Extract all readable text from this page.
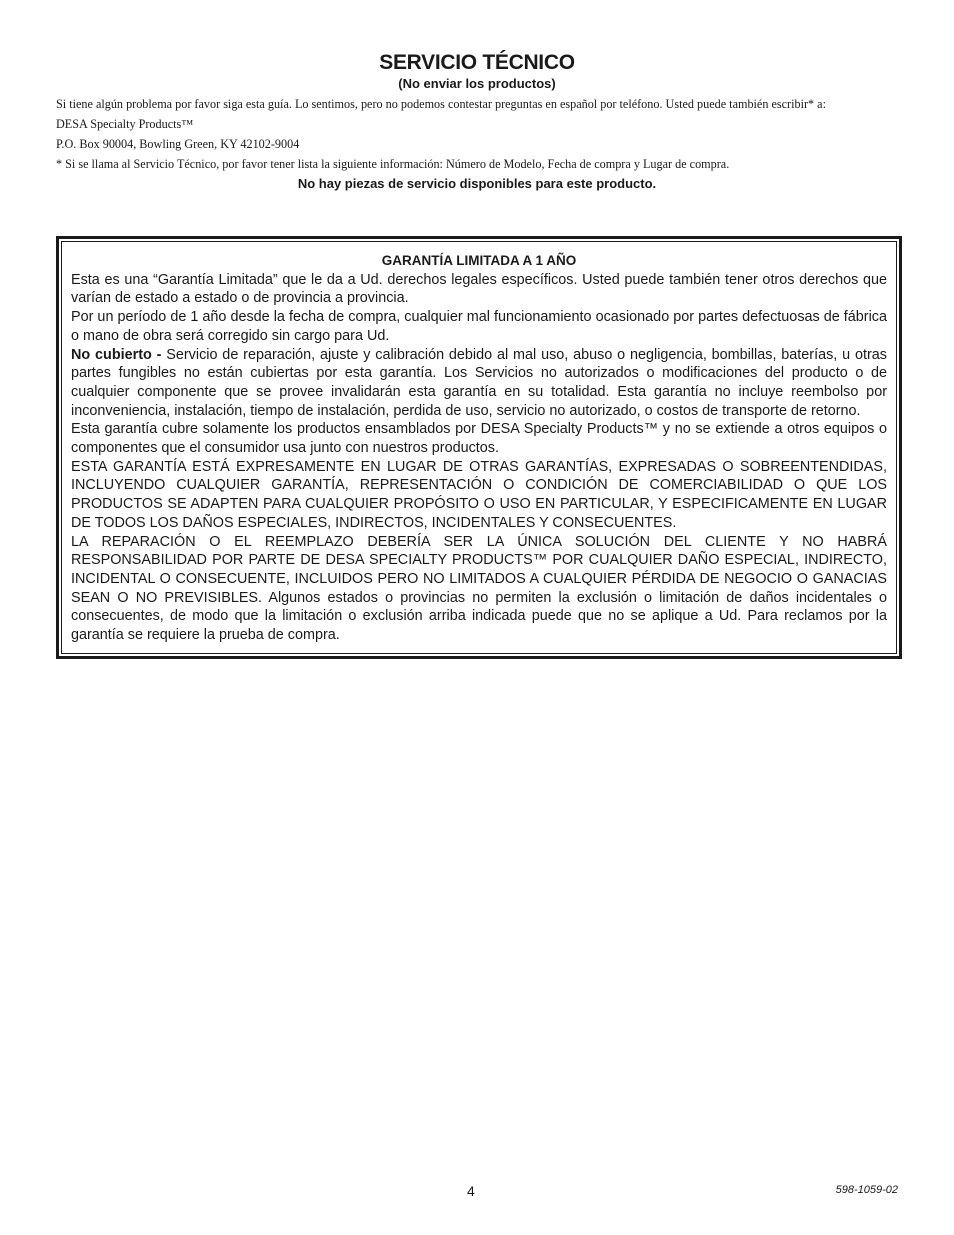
SERVICIO TÉCNICO
(No enviar los productos)

Si tiene algún problema por favor siga esta guía. Lo sentimos, pero no podemos contestar preguntas en español por teléfono. Usted puede también escribir* a:

DESA Specialty Products™

P.O. Box 90004, Bowling Green, KY 42102-9004

* Si se llama al Servicio Técnico, por favor tener lista la siguiente información: Número de Modelo, Fecha de compra y Lugar de compra.

No hay piezas de servicio disponibles para este producto.

GARANTÍA LIMITADA A 1 AÑO

Esta es una “Garantía Limitada” que le da a Ud. derechos legales específicos. Usted puede también tener otros derechos que varían de estado a estado o de provincia a provincia.

Por un período de 1 año desde la fecha de compra, cualquier mal funcionamiento ocasionado por partes defectuosas de fábrica o mano de obra será corregido sin cargo para Ud.

No cubierto - Servicio de reparación, ajuste y calibración debido al mal uso, abuso o negligencia, bombillas, baterías, u otras partes fungibles no están cubiertas por esta garantía. Los Servicios no autorizados o modificaciones del producto o de cualquier componente que se provee invalidarán esta garantía en su totalidad. Esta garantía no incluye reembolso por inconveniencia, instalación, tiempo de instalación, perdida de uso, servicio no autorizado, o costos de transporte de retorno.

Esta garantía cubre solamente los productos ensamblados por DESA Specialty Products™ y no se extiende a otros equipos o componentes que el consumidor usa junto con nuestros productos.

ESTA GARANTÍA ESTÁ EXPRESAMENTE EN LUGAR DE OTRAS GARANTÍAS, EXPRESADAS O SOBREENTENDIDAS, INCLUYENDO CUALQUIER GARANTÍA, REPRESENTACIÓN O CONDICIÓN DE COMERCIABILIDAD O QUE LOS PRODUCTOS SE ADAPTEN PARA CUALQUIER PROPÓSITO O USO EN PARTICULAR, Y ESPECIFICAMENTE EN LUGAR DE TODOS LOS DAÑOS ESPECIALES, INDIRECTOS, INCIDENTALES Y CONSECUENTES.

LA REPARACIÓN O EL REEMPLAZO DEBERÍA SER LA ÚNICA SOLUCIÓN DEL CLIENTE Y NO HABRÁ RESPONSABILIDAD POR PARTE DE DESA SPECIALTY PRODUCTS™ POR CUALQUIER DAÑO ESPECIAL, INDIRECTO, INCIDENTAL O CONSECUENTE, INCLUIDOS PERO NO LIMITADOS A CUALQUIER PÉRDIDA DE NEGOCIO O GANACIAS SEAN O NO PREVISIBLES. Algunos estados o provincias no permiten la exclusión o limitación de daños incidentales o consecuentes, de modo que la limitación o exclusión arriba indicada puede que no se aplique a Ud. Para reclamos por la garantía se requiere la prueba de compra.

4	598-1059-02
